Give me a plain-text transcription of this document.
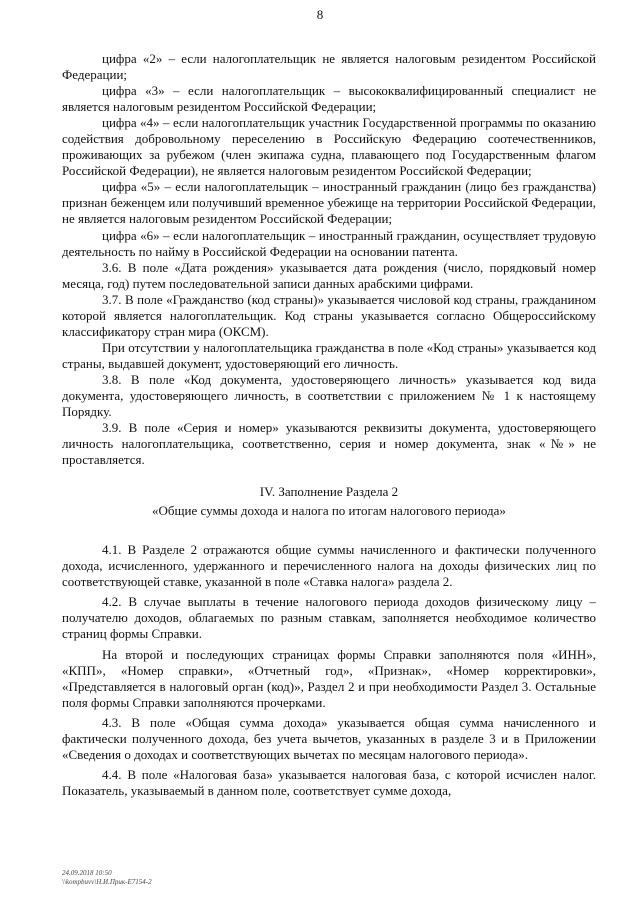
8

цифра «2» – если налогоплательщик не является налоговым резидентом Российской Федерации;

цифра «3» – если налогоплательщик – высококвалифицированный специалист не является налоговым резидентом Российской Федерации;

цифра «4» – если налогоплательщик участник Государственной программы по оказанию содействия добровольному переселению в Российскую Федерацию соотечественников, проживающих за рубежом (член экипажа судна, плавающего под Государственным флагом Российской Федерации), не является налоговым резидентом Российской Федерации;

цифра «5» – если налогоплательщик – иностранный гражданин (лицо без гражданства) признан беженцем или получивший временное убежище на территории Российской Федерации, не является налоговым резидентом Российской Федерации;

цифра «6» – если налогоплательщик – иностранный гражданин, осуществляет трудовую деятельность по найму в Российской Федерации на основании патента.

3.6. В поле «Дата рождения» указывается дата рождения (число, порядковый номер месяца, год) путем последовательной записи данных арабскими цифрами.

3.7. В поле «Гражданство (код страны)» указывается числовой код страны, гражданином которой является налогоплательщик. Код страны указывается согласно Общероссийскому классификатору стран мира (ОКСМ).

При отсутствии у налогоплательщика гражданства в поле «Код страны» указывается код страны, выдавшей документ, удостоверяющий его личность.

3.8. В поле «Код документа, удостоверяющего личность» указывается код вида документа, удостоверяющего личность, в соответствии с приложением № 1 к настоящему Порядку.

3.9. В поле «Серия и номер» указываются реквизиты документа, удостоверяющего личность налогоплательщика, соответственно, серия и номер документа, знак «№» не проставляется.

IV. Заполнение Раздела 2

«Общие суммы дохода и налога по итогам налогового периода»

4.1. В Разделе 2 отражаются общие суммы начисленного и фактически полученного дохода, исчисленного, удержанного и перечисленного налога на доходы физических лиц по соответствующей ставке, указанной в поле «Ставка налога» раздела 2.

4.2. В случае выплаты в течение налогового периода доходов физическому лицу – получателю доходов, облагаемых по разным ставкам, заполняется необходимое количество страниц формы Справки.

На второй и последующих страницах формы Справки заполняются поля «ИНН», «КПП», «Номер справки», «Отчетный год», «Признак», «Номер корректировки», «Представляется в налоговый орган (код)», Раздел 2 и при необходимости Раздел 3. Остальные поля формы Справки заполняются прочерками.

4.3. В поле «Общая сумма дохода» указывается общая сумма начисленного и фактически полученного дохода, без учета вычетов, указанных в разделе 3 и в Приложении «Сведения о доходах и соответствующих вычетах по месяцам налогового периода».

4.4. В поле «Налоговая база» указывается налоговая база, с которой исчислен налог. Показатель, указываемый в данном поле, соответствует сумме дохода,

24.09.2018 10:50
\\kompbuvv\Н.И.Прик-Е7154-2
